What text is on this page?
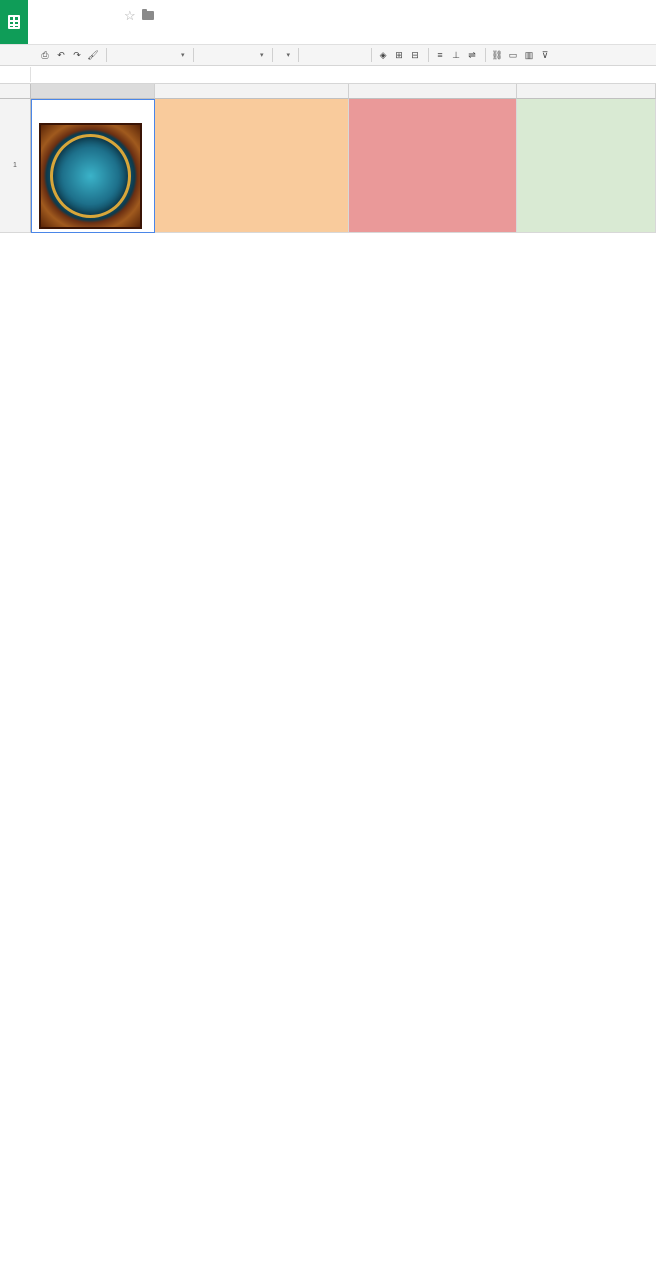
☆
⎙ ↶ ↷ 🖌	▾	▾	▾	◈ ⊞ ⊟	≡	⊥ ⇌	⛓ ▭ ▥ ⊽
1
